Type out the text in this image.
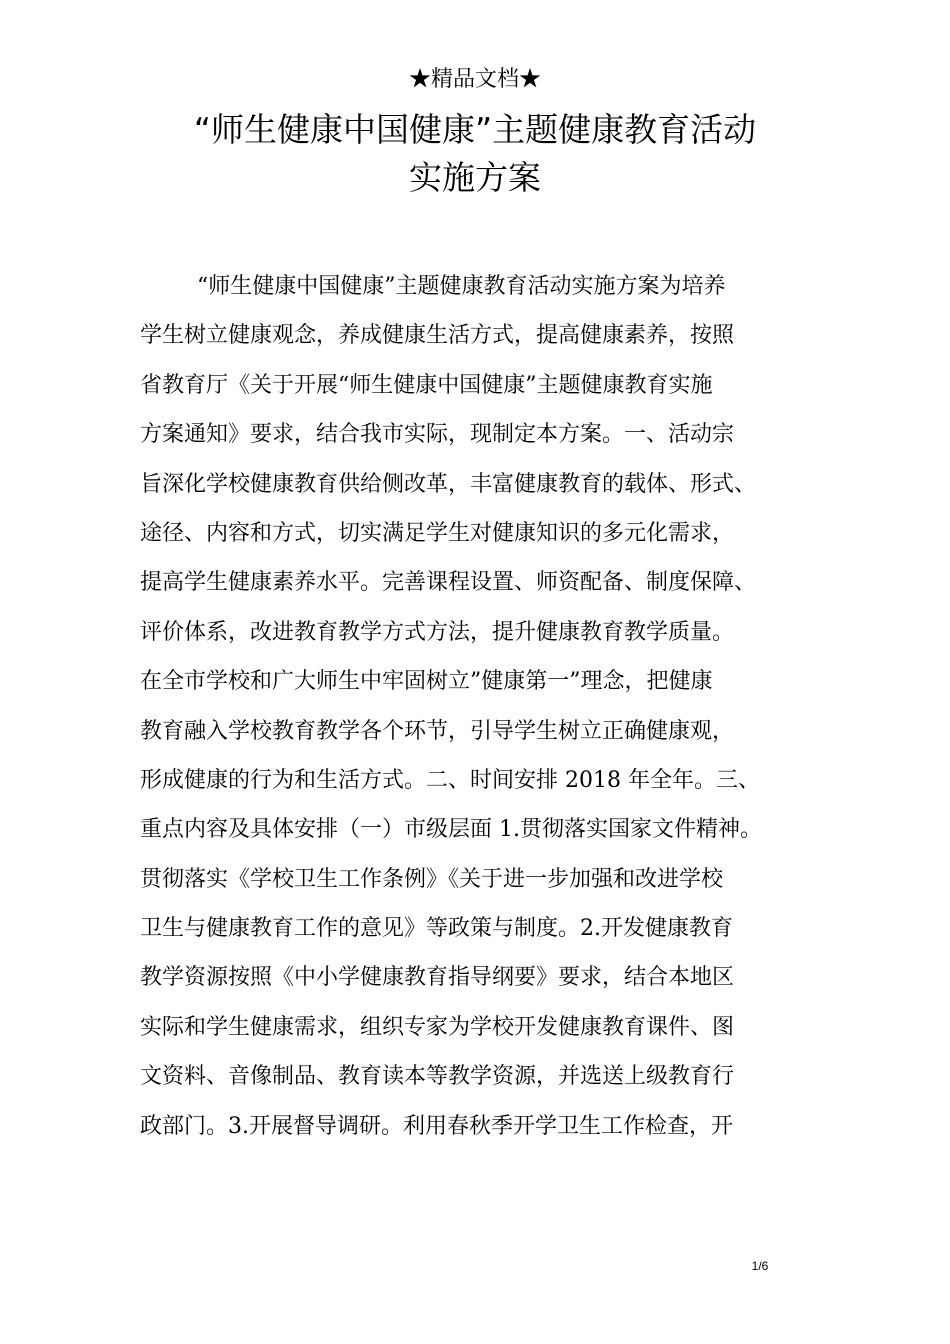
★精品文档★
“师生健康中国健康”主题健康教育活动
实施方案
“师生健康中国健康”主题健康教育活动实施方案为培养
学生树立健康观念，养成健康生活方式，提高健康素养，按照
省教育厅《关于开展“师生健康中国健康”主题健康教育实施
方案通知》要求，结合我市实际，现制定本方案。一、活动宗
旨深化学校健康教育供给侧改革，丰富健康教育的载体、形式、
途径、内容和方式，切实满足学生对健康知识的多元化需求，
提高学生健康素养水平。完善课程设置、师资配备、制度保障、
评价体系，改进教育教学方式方法，提升健康教育教学质量。
在全市学校和广大师生中牢固树立”健康第一”理念，把健康
教育融入学校教育教学各个环节，引导学生树立正确健康观，
形成健康的行为和生活方式。二、时间安排 2018 年全年。三、
重点内容及具体安排（一）市级层面 1.贯彻落实国家文件精神。
贯彻落实《学校卫生工作条例》《关于进一步加强和改进学校
卫生与健康教育工作的意见》等政策与制度。2.开发健康教育
教学资源按照《中小学健康教育指导纲要》要求，结合本地区
实际和学生健康需求，组织专家为学校开发健康教育课件、图
文资料、音像制品、教育读本等教学资源，并选送上级教育行
政部门。3.开展督导调研。利用春秋季开学卫生工作检查，开
1/6
